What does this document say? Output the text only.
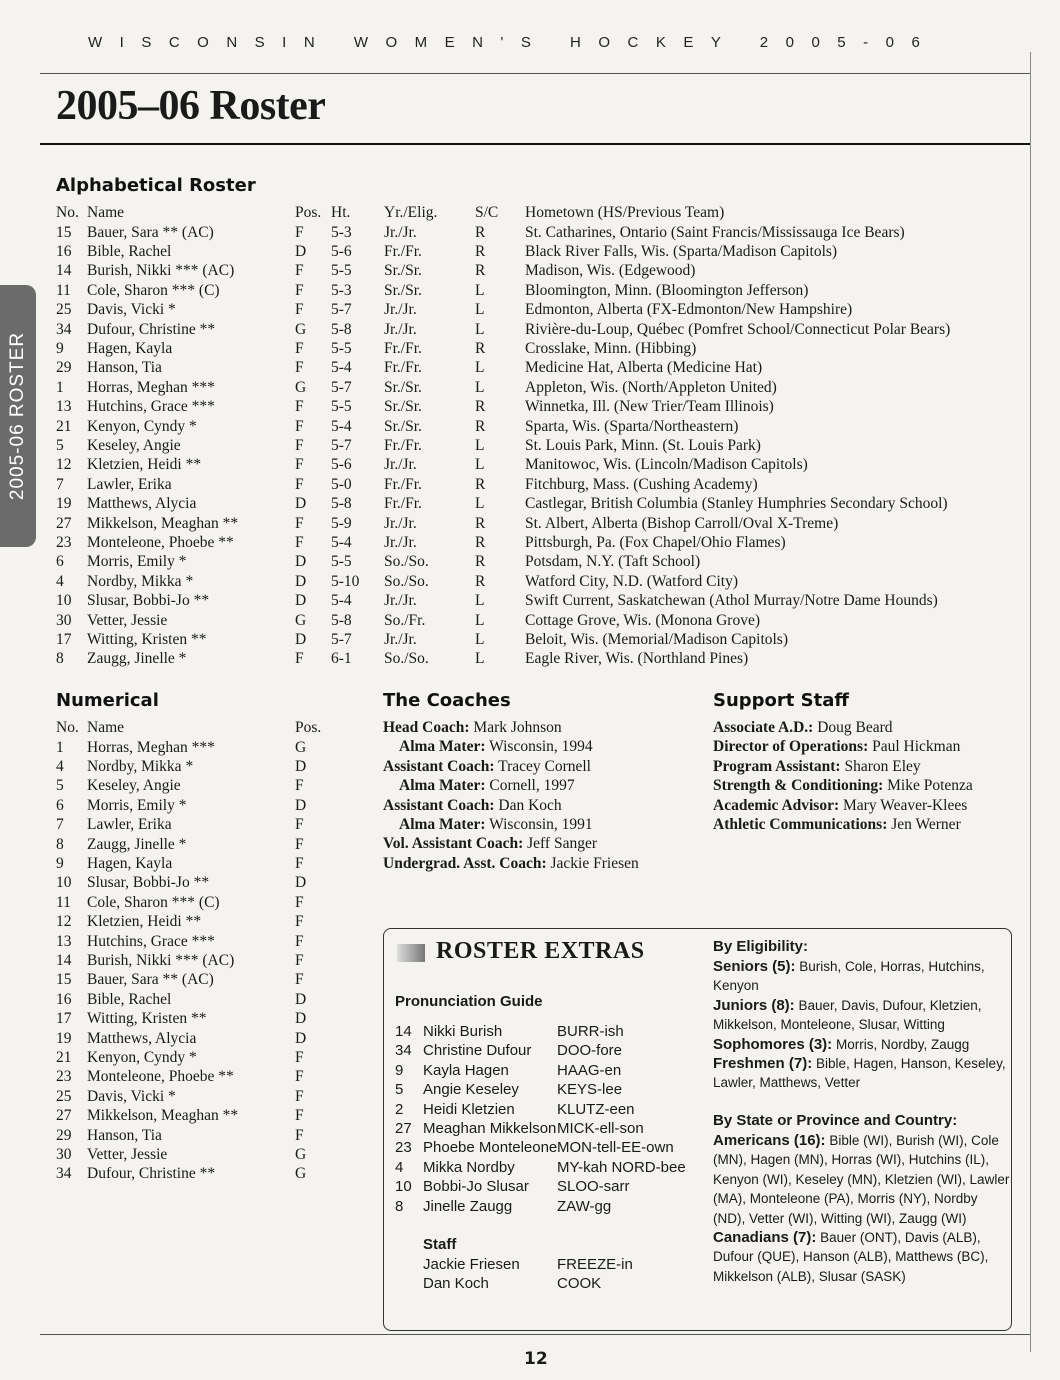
WISCONSIN WOMEN'S HOCKEY 2005-06
2005–06 Roster
2005-06 ROSTER
Alphabetical Roster
No. Name	Pos. Ht. Yr./Elig. S/C Hometown (HS/Previous Team)
15 Bauer, Sara ** (AC)	F 5-3 Jr./Jr.	R	St. Catharines, Ontario (Saint Francis/Mississauga Ice Bears)
16 Bible, Rachel	D 5-6 Fr./Fr.	R	Black River Falls, Wis. (Sparta/Madison Capitols)
14 Burish, Nikki *** (AC)	F 5-5 Sr./Sr.	R	Madison, Wis. (Edgewood)
11 Cole, Sharon *** (C)	F 5-3 Sr./Sr.	L	Bloomington, Minn. (Bloomington Jefferson)
25 Davis, Vicki *	F 5-7 Jr./Jr.	L	Edmonton, Alberta (FX-Edmonton/New Hampshire)
34 Dufour, Christine **	G 5-8 Jr./Jr.	L	Rivière-du-Loup, Québec (Pomfret School/Connecticut Polar Bears)
9 Hagen, Kayla	F 5-5 Fr./Fr.	R	Crosslake, Minn. (Hibbing)
29 Hanson, Tia	F 5-4 Fr./Fr.	L	Medicine Hat, Alberta (Medicine Hat)
1 Horras, Meghan ***	G 5-7 Sr./Sr.	L	Appleton, Wis. (North/Appleton United)
13 Hutchins, Grace ***	F 5-5 Sr./Sr.	R	Winnetka, Ill. (New Trier/Team Illinois)
21 Kenyon, Cyndy *	F 5-4 Sr./Sr.	R	Sparta, Wis. (Sparta/Northeastern)
5 Keseley, Angie	F 5-7 Fr./Fr.	L	St. Louis Park, Minn. (St. Louis Park)
12 Kletzien, Heidi **	F 5-6 Jr./Jr.	L	Manitowoc, Wis. (Lincoln/Madison Capitols)
7 Lawler, Erika	F 5-0 Fr./Fr.	R	Fitchburg, Mass. (Cushing Academy)
19 Matthews, Alycia	D 5-8 Fr./Fr.	L	Castlegar, British Columbia (Stanley Humphries Secondary School)
27 Mikkelson, Meaghan **	F 5-9 Jr./Jr.	R	St. Albert, Alberta (Bishop Carroll/Oval X-Treme)
23 Monteleone, Phoebe **	F 5-4 Jr./Jr.	R	Pittsburgh, Pa. (Fox Chapel/Ohio Flames)
6 Morris, Emily *	D 5-5 So./So.	R	Potsdam, N.Y. (Taft School)
4 Nordby, Mikka *	D 5-10 So./So.	R	Watford City, N.D. (Watford City)
10 Slusar, Bobbi-Jo **	D 5-4 Jr./Jr.	L	Swift Current, Saskatchewan (Athol Murray/Notre Dame Hounds)
30 Vetter, Jessie	G 5-8 So./Fr.	L	Cottage Grove, Wis. (Monona Grove)
17 Witting, Kristen **	D 5-7 Jr./Jr.	L	Beloit, Wis. (Memorial/Madison Capitols)
8 Zaugg, Jinelle *	F 6-1 So./So.	L	Eagle River, Wis. (Northland Pines)
Numerical
No. Name	Pos.
1 Horras, Meghan ***	G
4 Nordby, Mikka *	D
5 Keseley, Angie	F
6 Morris, Emily *	D
7 Lawler, Erika	F
8 Zaugg, Jinelle *	F
9 Hagen, Kayla	F
10 Slusar, Bobbi-Jo **	D
11 Cole, Sharon *** (C)	F
12 Kletzien, Heidi **	F
13 Hutchins, Grace ***	F
14 Burish, Nikki *** (AC)	F
15 Bauer, Sara ** (AC)	F
16 Bible, Rachel	D
17 Witting, Kristen **	D
19 Matthews, Alycia	D
21 Kenyon, Cyndy *	F
23 Monteleone, Phoebe **	F
25 Davis, Vicki *	F
27 Mikkelson, Meaghan **	F
29 Hanson, Tia	F
30 Vetter, Jessie	G
34 Dufour, Christine **	G
The Coaches
Head Coach: Mark Johnson
Alma Mater: Wisconsin, 1994
Assistant Coach: Tracey Cornell
Alma Mater: Cornell, 1997
Assistant Coach: Dan Koch
Alma Mater: Wisconsin, 1991
Vol. Assistant Coach: Jeff Sanger
Undergrad. Asst. Coach: Jackie Friesen
Support Staff
Associate A.D.: Doug Beard
Director of Operations: Paul Hickman
Program Assistant: Sharon Eley
Strength & Conditioning: Mike Potenza
Academic Advisor: Mary Weaver-Klees
Athletic Communications: Jen Werner
ROSTER EXTRAS
Pronunciation Guide
14 Nikki Burish	BURR-ish
34 Christine Dufour DOO-fore
9 Kayla Hagen	HAAG-en
5 Angie Keseley	KEYS-lee
2 Heidi Kletzien	KLUTZ-een
27 Meaghan Mikkelson MICK-ell-son
23 Phoebe Monteleone MON-tell-EE-own
4 Mikka Nordby	MY-kah NORD-bee
10 Bobbi-Jo Slusar SLOO-sarr
8 Jinelle Zaugg	ZAW-gg
Staff
Jackie Friesen FREEZE-in
Dan Koch	COOK
By Eligibility:
Seniors (5): Burish, Cole, Horras, Hutchins, Kenyon
Juniors (8): Bauer, Davis, Dufour, Kletzien, Mikkelson, Monteleone, Slusar, Witting
Sophomores (3): Morris, Nordby, Zaugg
Freshmen (7): Bible, Hagen, Hanson, Keseley, Lawler, Matthews, Vetter
By State or Province and Country:
Americans (16): Bible (WI), Burish (WI), Cole (MN), Hagen (MN), Horras (WI), Hutchins (IL), Kenyon (WI), Keseley (MN), Kletzien (WI), Lawler (MA), Monteleone (PA), Morris (NY), Nordby (ND), Vetter (WI), Witting (WI), Zaugg (WI)
Canadians (7): Bauer (ONT), Davis (ALB), Dufour (QUE), Hanson (ALB), Matthews (BC), Mikkelson (ALB), Slusar (SASK)
12
